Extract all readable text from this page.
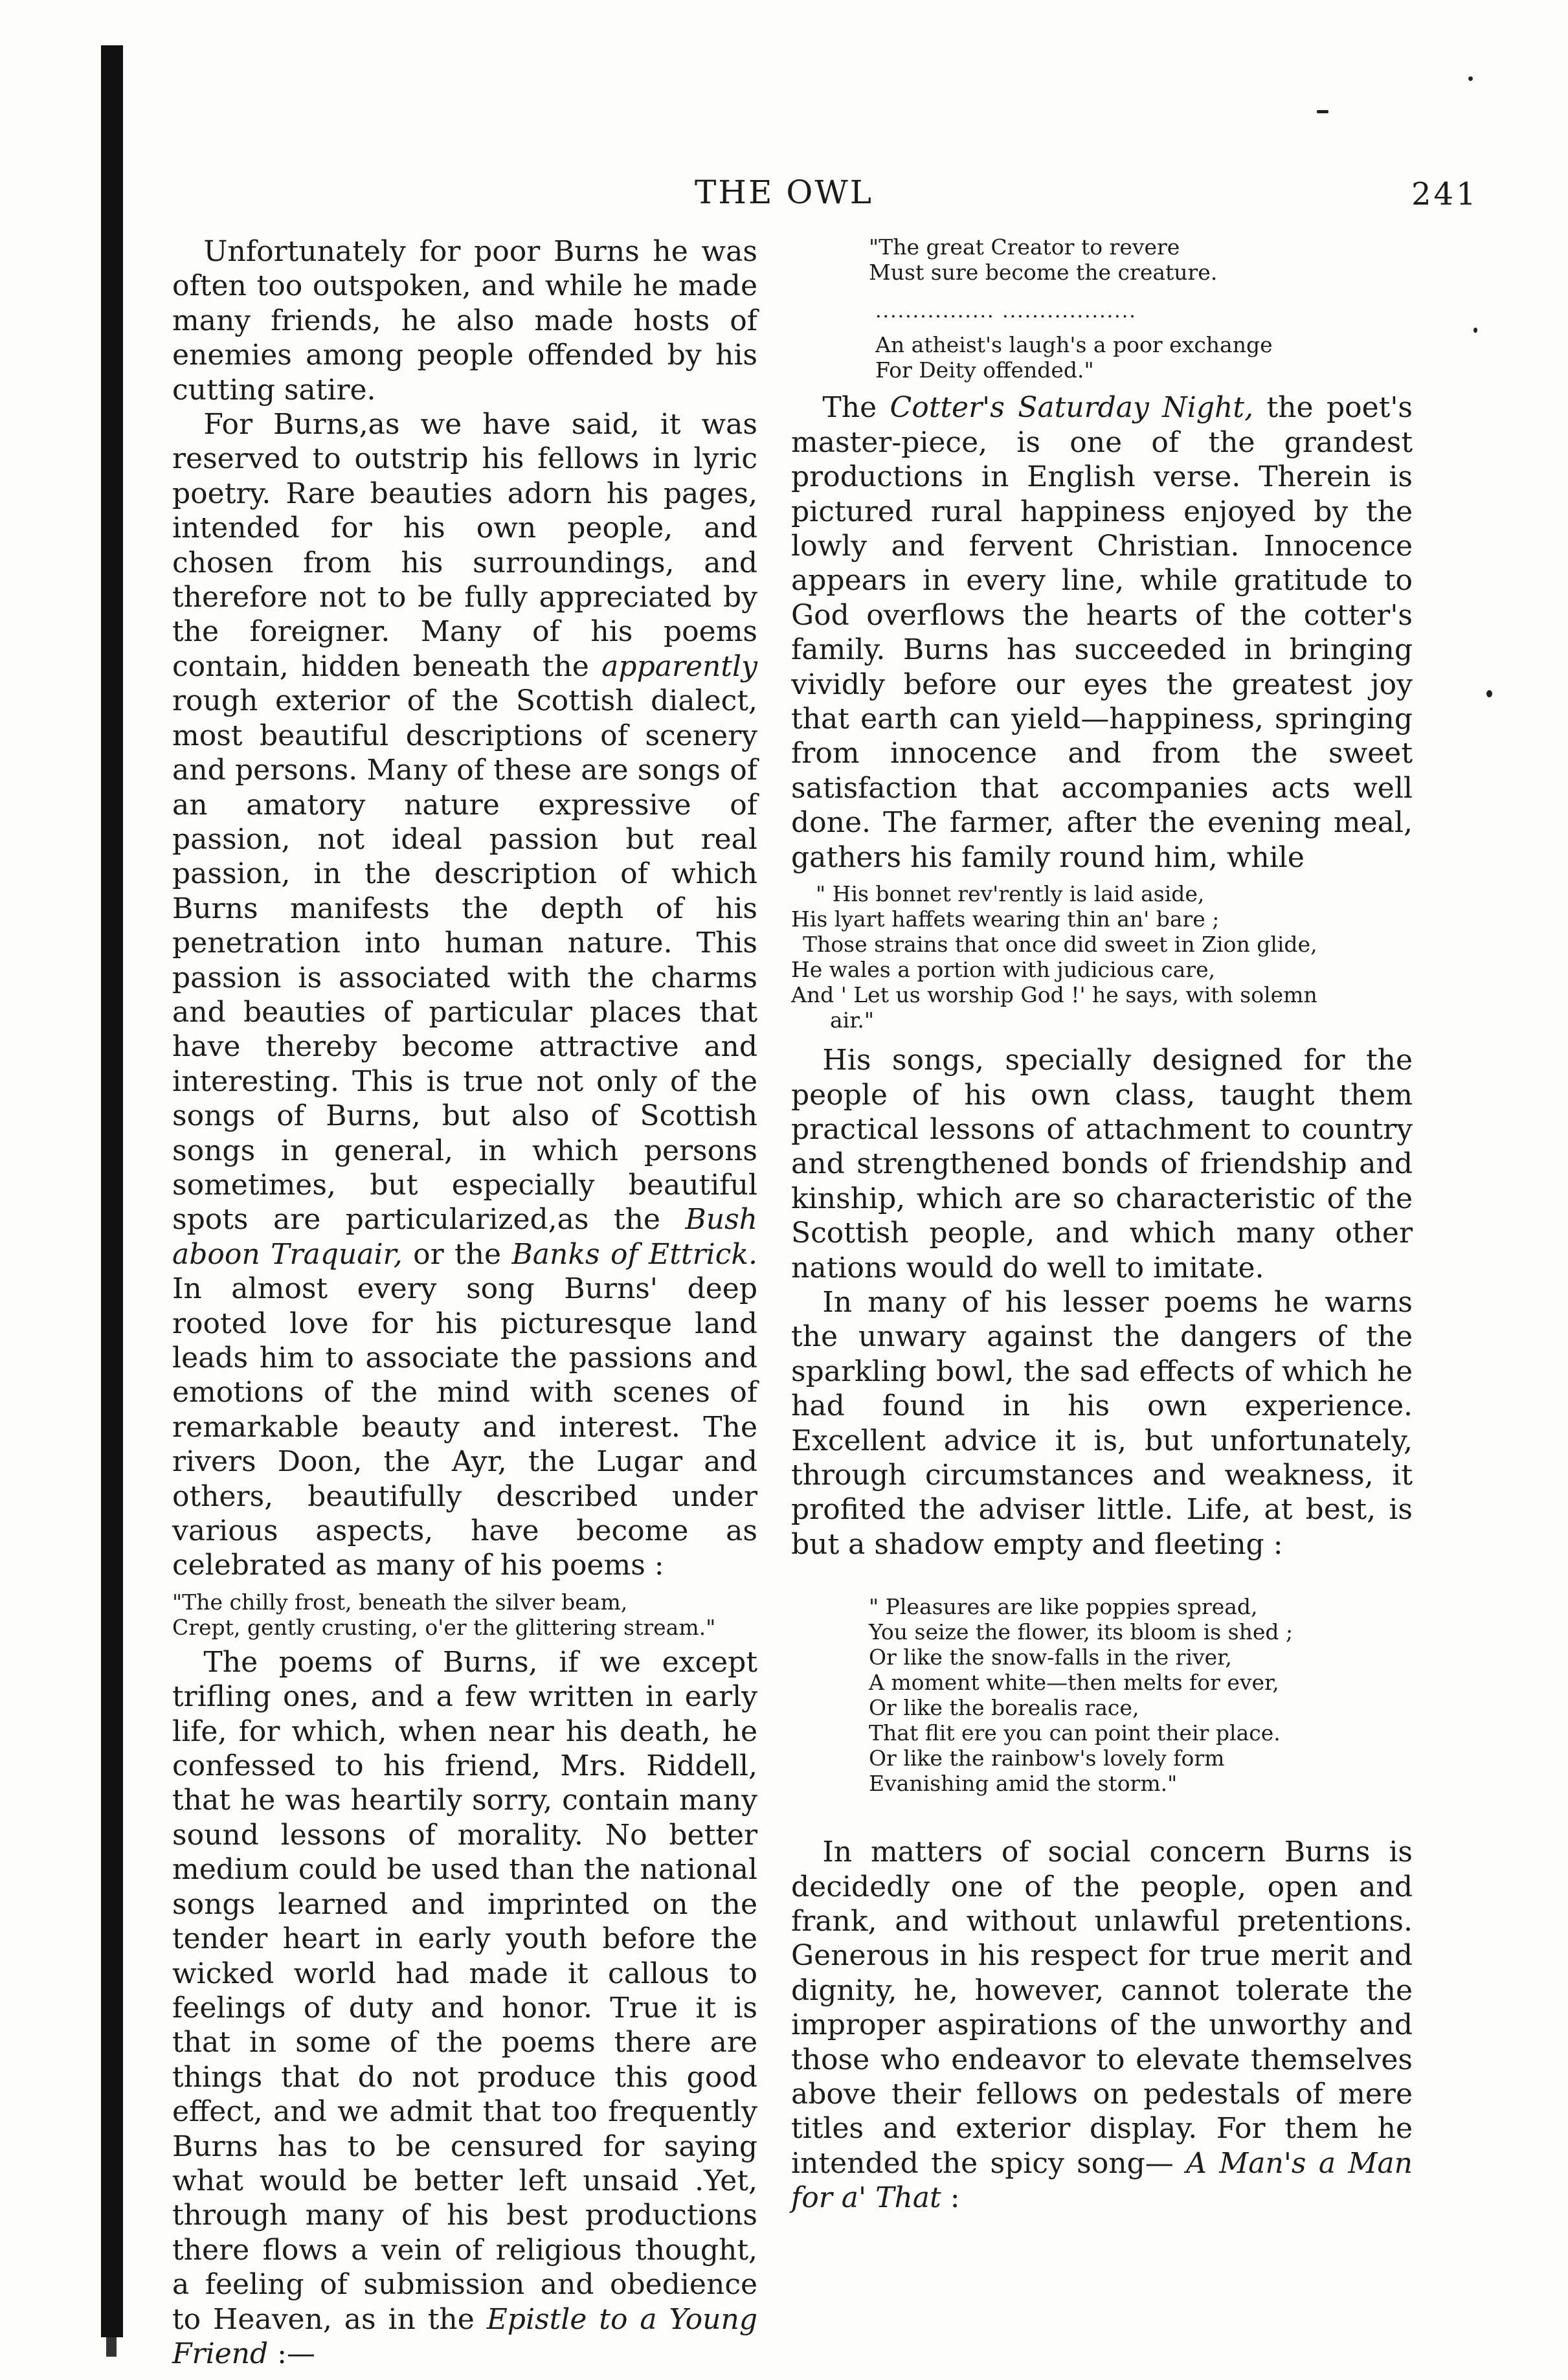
THE OWL	241

Unfortunately for poor Burns he was often too outspoken, and while he made many friends, he also made hosts of enemies among people offended by his cutting satire.

For Burns,as we have said, it was reserved to outstrip his fellows in lyric poetry. Rare beauties adorn his pages, intended for his own people, and chosen from his surroundings, and therefore not to be fully appreciated by the foreigner. Many of his poems contain, hidden beneath the apparently rough exterior of the Scottish dialect, most beautiful descriptions of scenery and persons. Many of these are songs of an amatory nature expressive of passion, not ideal passion but real passion, in the description of which Burns manifests the depth of his penetration into human nature. This passion is associated with the charms and beauties of particular places that have thereby become attractive and interesting. This is true not only of the songs of Burns, but also of Scottish songs in general, in which persons sometimes, but especially beautiful spots are particularized,as the Bush aboon Traquair, or the Banks of Ettrick. In almost every song Burns' deep rooted love for his picturesque land leads him to associate the passions and emotions of the mind with scenes of remarkable beauty and interest. The rivers Doon, the Ayr, the Lugar and others, beautifully described under various aspects, have become as celebrated as many of his poems :

"The chilly frost, beneath the silver beam,
Crept, gently crusting, o'er the glittering stream."

The poems of Burns, if we except trifling ones, and a few written in early life, for which, when near his death, he confessed to his friend, Mrs. Riddell, that he was heartily sorry, contain many sound lessons of morality. No better medium could be used than the national songs learned and imprinted on the tender heart in early youth before the wicked world had made it callous to feelings of duty and honor. True it is that in some of the poems there are things that do not produce this good effect, and we admit that too frequently Burns has to be censured for saying what would be better left unsaid .Yet, through many of his best productions there flows a vein of religious thought, a feeling of submission and obedience to Heaven, as in the Epistle to a Young Friend :—

"The great Creator to revere
Must sure become the creature.
................ ..................
An atheist's laugh's a poor exchange
For Deity offended."

The Cotter's Saturday Night, the poet's master-piece, is one of the grandest productions in English verse. Therein is pictured rural happiness enjoyed by the lowly and fervent Christian. Innocence appears in every line, while gratitude to God overflows the hearts of the cotter's family. Burns has succeeded in bringing vividly before our eyes the greatest joy that earth can yield—happiness, springing from innocence and from the sweet satisfaction that accompanies acts well done. The farmer, after the evening meal, gathers his family round him, while

" His bonnet rev'rently is laid aside,
His lyart haffets wearing thin an' bare ;
Those strains that once did sweet in Zion glide,
He wales a portion with judicious care,
And ' Let us worship God !' he says, with solemn
air."

His songs, specially designed for the people of his own class, taught them practical lessons of attachment to country and strengthened bonds of friendship and kinship, which are so characteristic of the Scottish people, and which many other nations would do well to imitate.

In many of his lesser poems he warns the unwary against the dangers of the sparkling bowl, the sad effects of which he had found in his own experience. Excellent advice it is, but unfortunately, through circumstances and weakness, it profited the adviser little. Life, at best, is but a shadow empty and fleeting :

" Pleasures are like poppies spread,
You seize the flower, its bloom is shed ;
Or like the snow-falls in the river,
A moment white—then melts for ever,
Or like the borealis race,
That flit ere you can point their place.
Or like the rainbow's lovely form
Evanishing amid the storm."

In matters of social concern Burns is decidedly one of the people, open and frank, and without unlawful pretentions. Generous in his respect for true merit and dignity, he, however, cannot tolerate the improper aspirations of the unworthy and those who endeavor to elevate themselves above their fellows on pedestals of mere titles and exterior display. For them he intended the spicy song— A Man's a Man for a' That :
